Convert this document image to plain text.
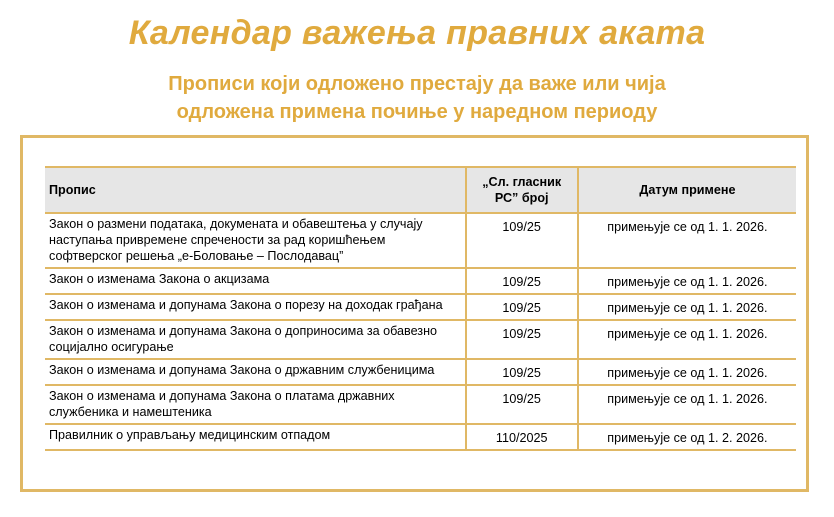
Календар важења правних аката
Прописи који одложено престају да важе или чија
одложена примена почиње у наредном периоду
Пропис	„Сл. гласник РС” број	Датум примене
Закон о размени података, докумената и обавештења у случају наступања привремене спречености за рад коришћењем софтверског решења „е-Боловање – Послодавац”	109/25	примењује се од 1. 1. 2026.
Закон о изменама Закона о акцизама	109/25	примењује се од 1. 1. 2026.
Закон о изменама и допунама Закона о порезу на доходак грађана	109/25	примењује се од 1. 1. 2026.
Закон о изменама и допунама Закона о доприносима за обавезно социјално осигурање	109/25	примењује се од 1. 1. 2026.
Закон о изменама и допунама Закона о државним службеницима	109/25	примењује се од 1. 1. 2026.
Закон о изменама и допунама Закона о платама државних службеника и намештеника	109/25	примењује се од 1. 1. 2026.
Правилник о управљању медицинским отпадом	110/2025	примењује се од 1. 2. 2026.
